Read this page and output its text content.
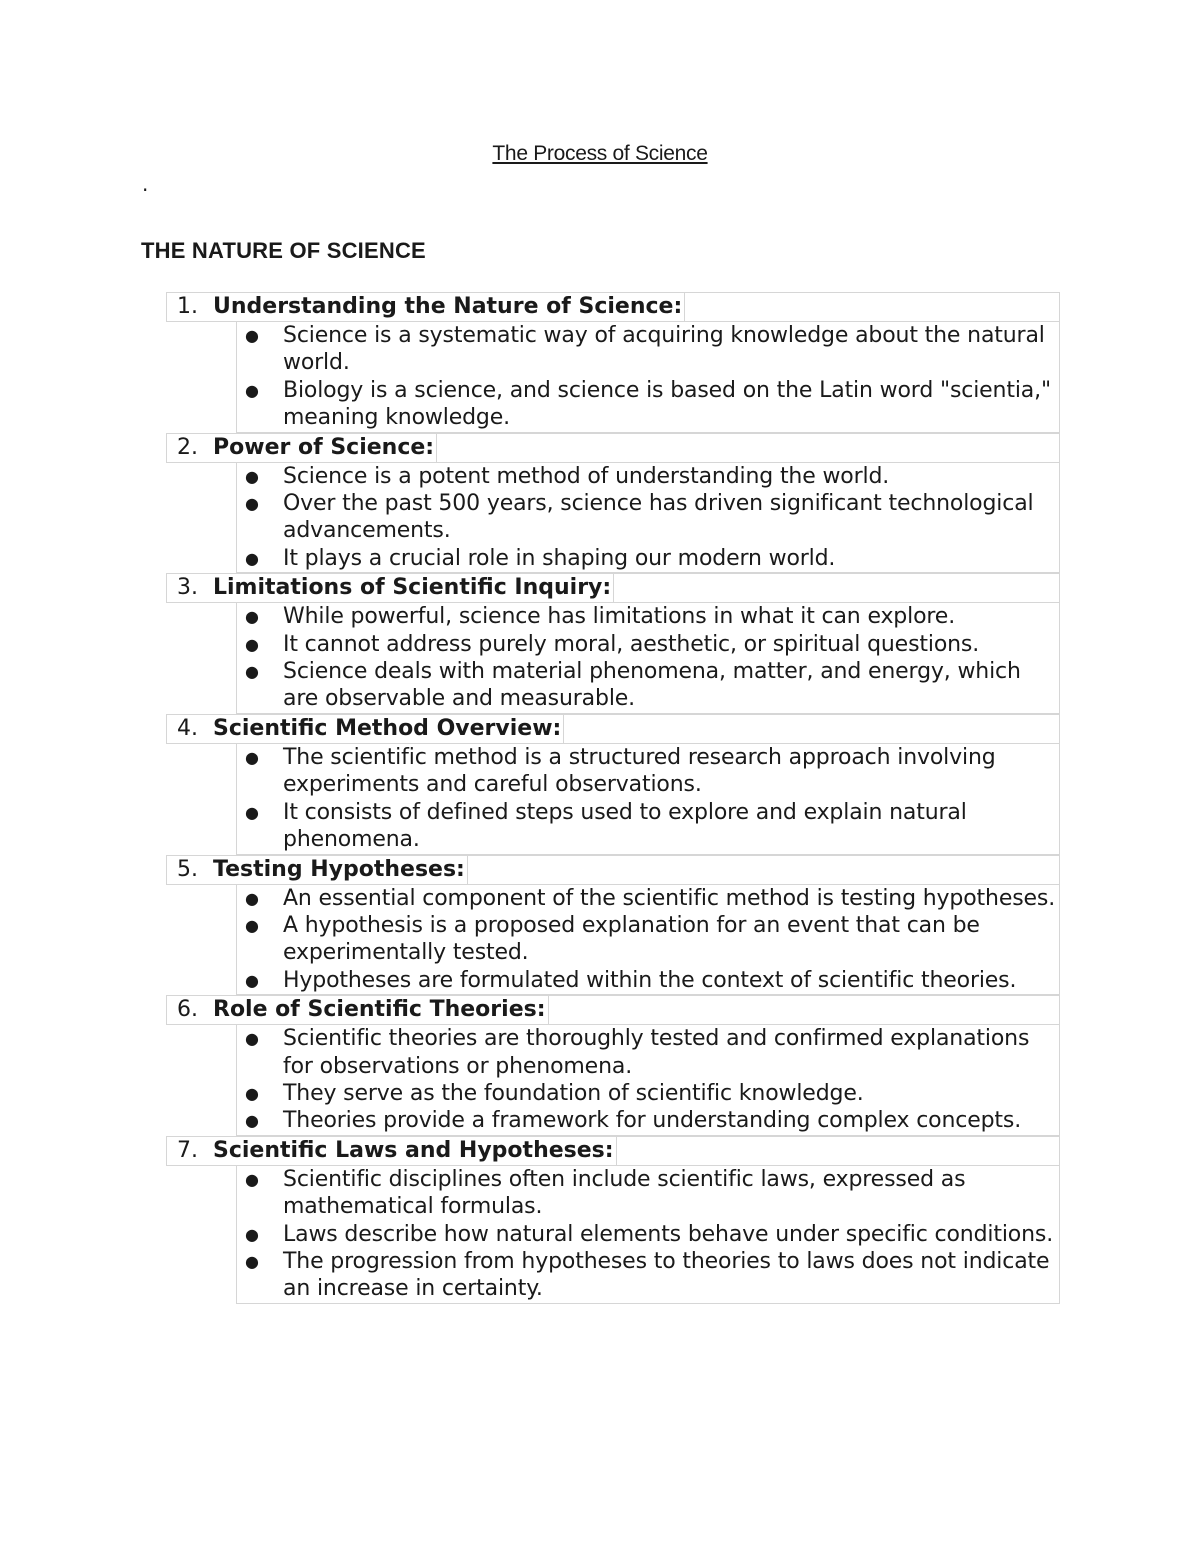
The Process of Science
.
THE NATURE OF SCIENCE
1. Understanding the Nature of Science:
● Science is a systematic way of acquiring knowledge about the natural world.
● Biology is a science, and science is based on the Latin word "scientia," meaning knowledge.
2. Power of Science:
● Science is a potent method of understanding the world.
● Over the past 500 years, science has driven significant technological advancements.
● It plays a crucial role in shaping our modern world.
3. Limitations of Scientific Inquiry:
● While powerful, science has limitations in what it can explore.
● It cannot address purely moral, aesthetic, or spiritual questions.
● Science deals with material phenomena, matter, and energy, which are observable and measurable.
4. Scientific Method Overview:
● The scientific method is a structured research approach involving experiments and careful observations.
● It consists of defined steps used to explore and explain natural phenomena.
5. Testing Hypotheses:
● An essential component of the scientific method is testing hypotheses.
● A hypothesis is a proposed explanation for an event that can be experimentally tested.
● Hypotheses are formulated within the context of scientific theories.
6. Role of Scientific Theories:
● Scientific theories are thoroughly tested and confirmed explanations for observations or phenomena.
● They serve as the foundation of scientific knowledge.
● Theories provide a framework for understanding complex concepts.
7. Scientific Laws and Hypotheses:
● Scientific disciplines often include scientific laws, expressed as mathematical formulas.
● Laws describe how natural elements behave under specific conditions.
● The progression from hypotheses to theories to laws does not indicate an increase in certainty.
